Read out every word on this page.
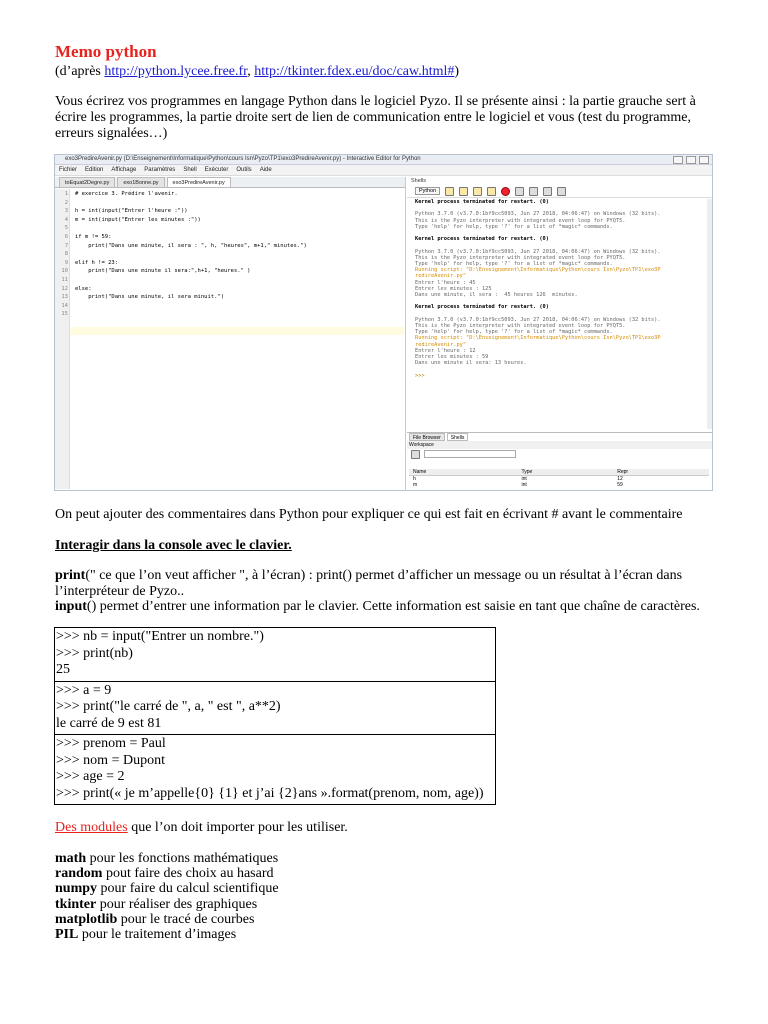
Memo python
(d’après http://python.lycee.free.fr, http://tkinter.fdex.eu/doc/caw.html#)
Vous écrirez vos programmes en langage Python dans le logiciel Pyzo. Il se présente ainsi : la partie grauche sert à écrire les programmes, la partie droite sert de lien de communication entre le logiciel et vous (test du programme, erreurs signalées…)
exo3PredireAvenir.py (D:\Enseignement\Informatique\Python\cours Isn\Pyzo\TP1\exo3PredireAvenir.py) - Interactive Editor for Python
Fichier Edition Affichage Paramètres Shell Exécuter Outils Aide
toEquat2Degre.py	exo1Bonne.py	exo3PredireAvenir.py
1
2
3
4
5
6
7
8
9
10
11
12
13
14
15
# exercice 3. Prédire l'avenir.
h = int(input("Entrer l'heure :"))
m = int(input("Entrer les minutes :"))
if m != 59:
print("Dans une minute, il sera : ", h, "heures", m+1," minutes.")
elif h != 23:
print("Dans une minute il sera:",h+1, "heures." )
else:
print("Dans une minute, il sera minuit.")
Shells
Python
Kernel process terminated for restart. (0)
Python 3.7.0 (v3.7.0:1bf9cc5093, Jun 27 2018, 04:06:47) on Windows (32 bits).
This is the Pyzo interpreter with integrated event loop for PYQT5.
Type 'help' for help, type '?' for a list of *magic* commands.
Kernel process terminated for restart. (0)
Python 3.7.0 (v3.7.0:1bf9cc5093, Jun 27 2018, 04:06:47) on Windows (32 bits).
This is the Pyzo interpreter with integrated event loop for PYQT5.
Type 'help' for help, type '?' for a list of *magic* commands.
Running script: "D:\Enseignement\Informatique\Python\cours Isn\Pyzo\TP1\exo3P
redireAvenir.py"
Entrer l'heure : 45
Entrer les minutes : 125
Dans une minute, il sera :  45 heures 126  minutes.
Kernel process terminated for restart. (0)
Python 3.7.0 (v3.7.0:1bf9cc5093, Jun 27 2018, 04:06:47) on Windows (32 bits).
This is the Pyzo interpreter with integrated event loop for PYQT5.
Type 'help' for help, type '?' for a list of *magic* commands.
Running script: "D:\Enseignement\Informatique\Python\cours Isn\Pyzo\TP1\exo3P
redireAvenir.py"
Entrer l'heure : 12
Entrer les minutes : 59
Dans une minute il sera: 13 heures.
>>>
File Browser	Shells
Workspace
Name	Type	Repr
h	int	12
m	int	59
On peut ajouter des commentaires dans Python pour expliquer ce qui est fait en écrivant # avant le commentaire
Interagir dans la console avec le clavier.
print(" ce que l’on veut afficher ", à l’écran) : print() permet d’afficher un message ou un résultat à l’écran dans l’interpréteur de Pyzo..
input() permet d’entrer une information par le clavier. Cette information est saisie en tant que chaîne de caractères.
>>> nb = input("Entrer un nombre.")
>>> print(nb)
25
>>> a = 9
>>> print("le carré de ", a, " est ", a**2)
le carré de 9 est 81
>>> prenom = Paul
>>> nom = Dupont
>>> age = 2
>>> print(« je m’appelle{0} {1} et j’ai {2}ans ».format(prenom, nom, age))
Des modules que l’on doit importer pour les utiliser.
math pour les fonctions mathématiques
random pout faire des choix au hasard
numpy pour faire du calcul scientifique
tkinter pour réaliser des graphiques
matplotlib pour le tracé de courbes
PIL pour le traitement d’images
